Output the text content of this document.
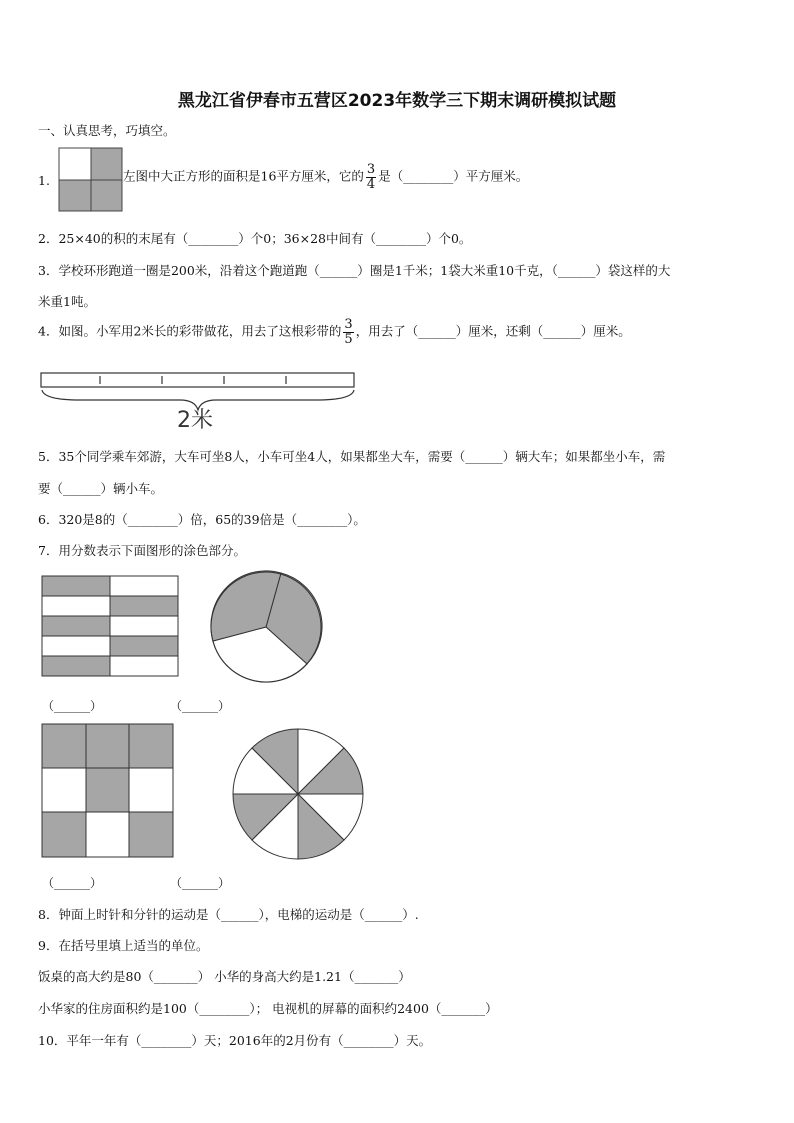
黑龙江省伊春市五营区2023年数学三下期末调研模拟试题
一、认真思考，巧填空。
1.	左图中大正方形的面积是16平方厘米，它的 $\frac{3}{4}$ 是（________）平方厘米。
2．25×40的积的末尾有（________）个0；36×28中间有（________）个0。
3．学校环形跑道一圈是200米，沿着这个跑道跑（______）圈是1千米；1袋大米重10千克，（______）袋这样的大
米重1吨。
4．如图。小军用2米长的彩带做花，用去了这根彩带的 $\frac{3}{5}$ ，用去了（______）厘米，还剩（______）厘米。
2米
5．35个同学乘车郊游，大车可坐8人，小车可坐4人，如果都坐大车，需要（______）辆大车；如果都坐小车，需
要（______）辆小车。
6．320是8的（________）倍，65的39倍是（________）。
7．用分数表示下面图形的涂色部分。
（______）	（______）
（______）	（______）
8．钟面上时针和分针的运动是（______），电梯的运动是（______）.
9．在括号里填上适当的单位。
饭桌的高大约是80（_______） 小华的身高大约是1.21（_______）
小华家的住房面积约是100（________）； 电视机的屏幕的面积约2400（_______）
10．平年一年有（________）天；2016年的2月份有（________）天。
